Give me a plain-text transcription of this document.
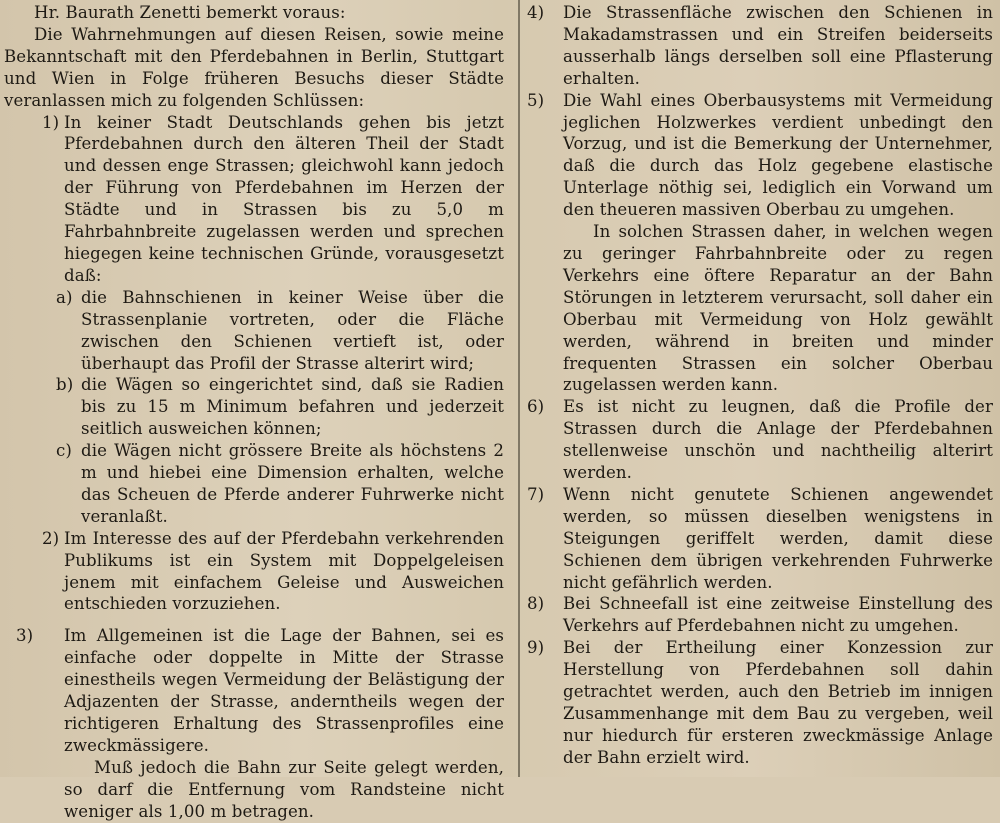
Hr. Baurath Zenetti bemerkt voraus:

Die Wahrnehmungen auf diesen Reisen, sowie meine Bekanntschaft mit den Pferdebahnen in Berlin, Stuttgart und Wien in Folge früheren Besuchs dieser Städte veranlassen mich zu folgenden Schlüssen:

1) In keiner Stadt Deutschlands gehen bis jetzt Pferdebahnen durch den älteren Theil der Stadt und dessen enge Strassen; gleichwohl kann jedoch der Führung von Pferdebahnen im Herzen der Städte und in Strassen bis zu 5,0 m Fahrbahnbreite zugelassen werden und sprechen hiegegen keine technischen Gründe, vorausgesetzt daß:

a) die Bahnschienen in keiner Weise über die Strassenplanie vortreten, oder die Fläche zwischen den Schienen vertieft ist, oder überhaupt das Profil der Strasse alterirt wird;

b) die Wägen so eingerichtet sind, daß sie Radien bis zu 15 m Minimum befahren und jederzeit seitlich ausweichen können;

c) die Wägen nicht grössere Breite als höchstens 2 m und hiebei eine Dimension erhalten, welche das Scheuen de Pferde anderer Fuhrwerke nicht veranlaßt.

2) Im Interesse des auf der Pferdebahn verkehrenden Publikums ist ein System mit Doppelgeleisen jenem mit einfachem Geleise und Ausweichen entschieden vorzuziehen.

3) Im Allgemeinen ist die Lage der Bahnen, sei es einfache oder doppelte in Mitte der Strasse einestheils wegen Vermeidung der Belästigung der Adjazenten der Strasse, anderntheils wegen der richtigeren Erhaltung des Strassenprofiles eine zweckmässigere.

Muß jedoch die Bahn zur Seite gelegt werden, so darf die Entfernung vom Randsteine nicht weniger als 1,00 m betragen.

4) Die Strassenfläche zwischen den Schienen in Makadamstrassen und ein Streifen beiderseits ausserhalb längs derselben soll eine Pflasterung erhalten.

5) Die Wahl eines Oberbausystems mit Vermeidung jeglichen Holzwerkes verdient unbedingt den Vorzug, und ist die Bemerkung der Unternehmer, daß die durch das Holz gegebene elastische Unterlage nöthig sei, lediglich ein Vorwand um den theueren massiven Oberbau zu umgehen.

In solchen Strassen daher, in welchen wegen zu geringer Fahrbahnbreite oder zu regen Verkehrs eine öftere Reparatur an der Bahn Störungen in letzterem verursacht, soll daher ein Oberbau mit Vermeidung von Holz gewählt werden, während in breiten und minder frequenten Strassen ein solcher Oberbau zugelassen werden kann.

6) Es ist nicht zu leugnen, daß die Profile der Strassen durch die Anlage der Pferdebahnen stellenweise unschön und nachtheilig alterirt werden.

7) Wenn nicht genutete Schienen angewendet werden, so müssen dieselben wenigstens in Steigungen geriffelt werden, damit diese Schienen dem übrigen verkehrenden Fuhrwerke nicht gefährlich werden.

8) Bei Schneefall ist eine zeitweise Einstellung des Verkehrs auf Pferdebahnen nicht zu umgehen.

9) Bei der Ertheilung einer Konzession zur Herstellung von Pferdebahnen soll dahin getrachtet werden, auch den Betrieb im innigen Zusammenhange mit dem Bau zu vergeben, weil nur hiedurch für ersteren zweckmässige Anlage der Bahn erzielt wird.
